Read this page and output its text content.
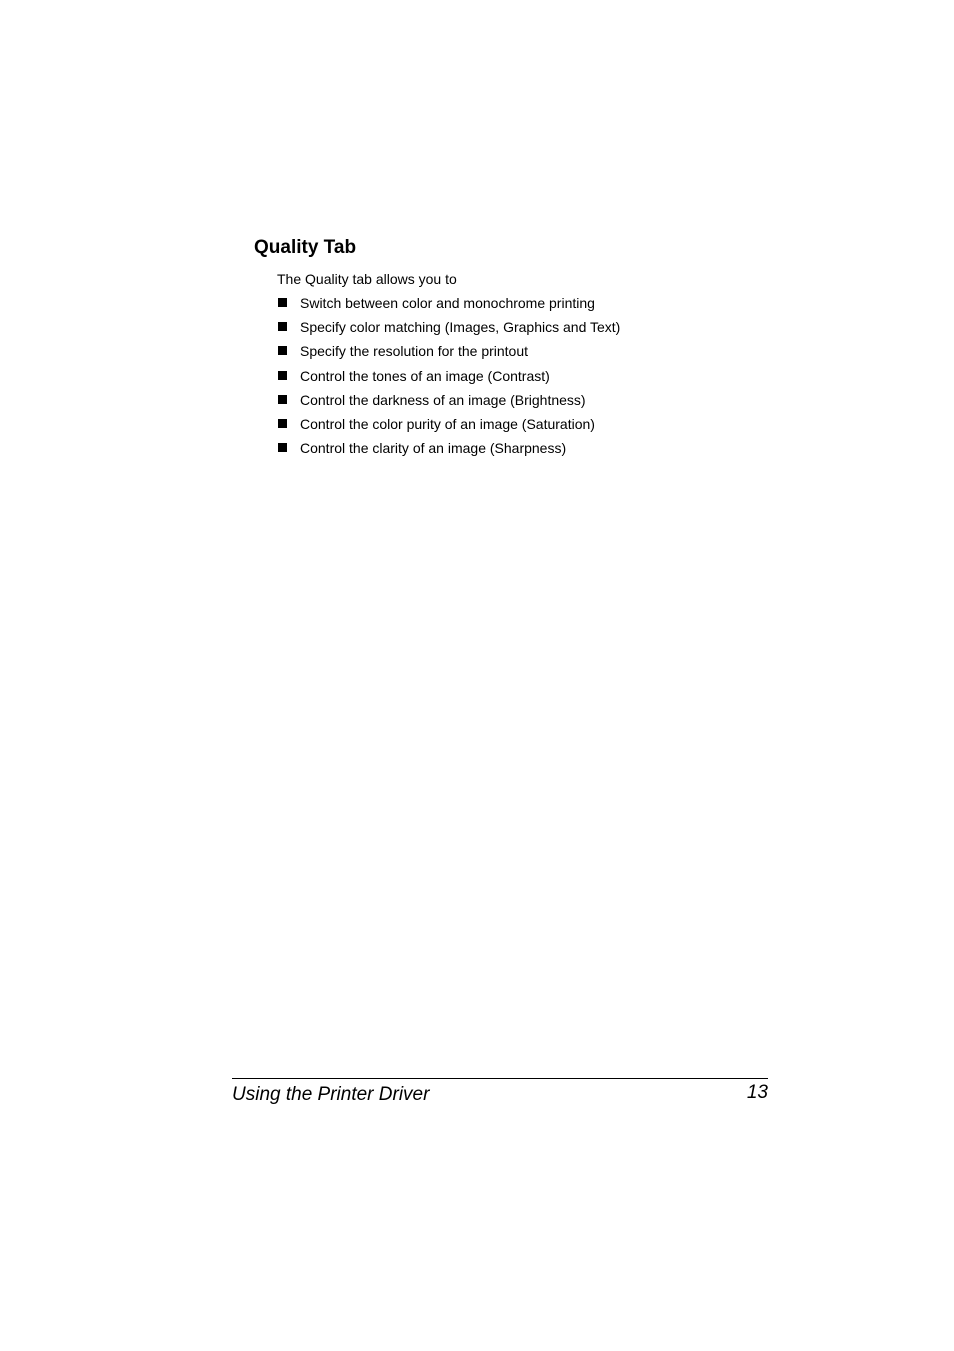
Quality Tab

The Quality tab allows you to

Switch between color and monochrome printing
Specify color matching (Images, Graphics and Text)
Specify the resolution for the printout
Control the tones of an image (Contrast)
Control the darkness of an image (Brightness)
Control the color purity of an image (Saturation)
Control the clarity of an image (Sharpness)
Using the Printer Driver	13
